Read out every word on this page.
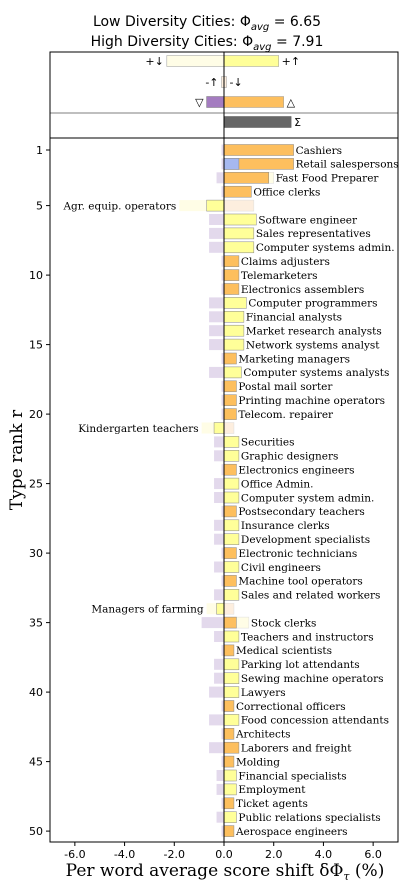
Low Diversity Cities: $\Phi_{avg} = 6.65$
High Diversity Cities: $\Phi_{avg} = 7.91$
+↓	+↑
-↑ -↓
▽	△
Σ
Cashiers
Retail salespersons
Fast Food Preparer
Office clerks
Agr. equip. operators
Software engineer
Sales representatives
Computer systems admin.
Claims adjusters
Telemarketers
Electronics assemblers
Computer programmers
Financial analysts
Market research analysts
Network systems analyst
Marketing managers
Computer systems analysts
Postal mail sorter
Printing machine operators
Telecom. repairer
Kindergarten teachers
Securities
Graphic designers
Electronics engineers
Office Admin.
Computer system admin.
Postsecondary teachers
Insurance clerks
Development specialists
Electronic technicians
Civil engineers
Machine tool operators
Sales and related workers
Managers of farming
Stock clerks
Teachers and instructors
Medical scientists
Parking lot attendants
Sewing machine operators
Lawyers
Correctional officers
Food concession attendants
Architects
Laborers and freight
Molding
Financial specialists
Employment
Ticket agents
Public relations specialists
Aerospace engineers
-6.0	-4.0	-2.0	0.0	2.0	4.0	6.0
1
5
10
15
20
25
30
35
40
45
50
Per word average score shift $\delta\Phi_\tau$ (%)
Type rank r
